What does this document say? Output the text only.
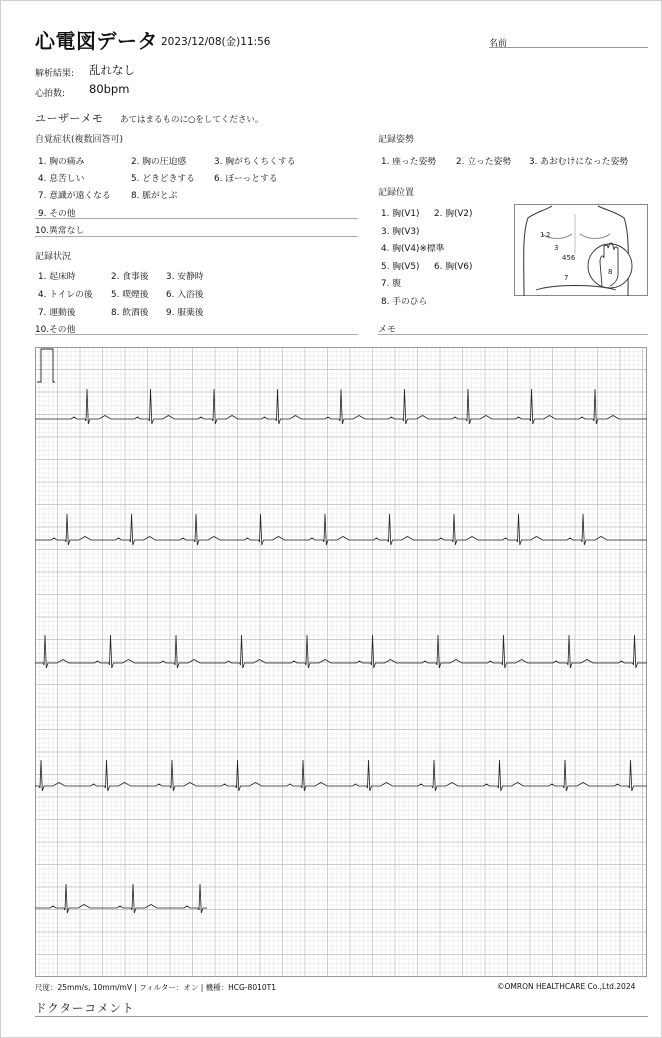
心電図データ 2023/12/08(金)11:56	名前
解析結果: 乱れなし
心拍数: 80bpm
ユーザーメモ あてはまるものに○をしてください。
自覚症状(複数回答可)
1. 胸の痛み	2. 胸の圧迫感	3. 胸がちくちくする
4. 息苦しい	5. どきどきする 6. ぼーっとする
7. 意識が遠くなる 8. 脈がとぶ
9. その他
10.異常なし
記録状況
1. 起床時	2. 食事後 3. 安静時
4. トイレの後 5. 喫煙後 6. 入浴後
7. 運動後	8. 飲酒後 9. 服薬後
10.その他
記録姿勢
1. 座った姿勢 2. 立った姿勢 3. あおむけになった姿勢
記録位置
1. 胸(V1) 2. 胸(V2)
3. 胸(V3)
4. 胸(V4)※標準
5. 胸(V5) 6. 胸(V6)
7. 腹
8. 手のひら
1 2
3
456
7
8
メモ
尺度：25mm/s, 10mm/mV | フィルター：オン | 機種：HCG-8010T1	©OMRON HEALTHCARE Co.,Ltd.2024
ドクターコメント
